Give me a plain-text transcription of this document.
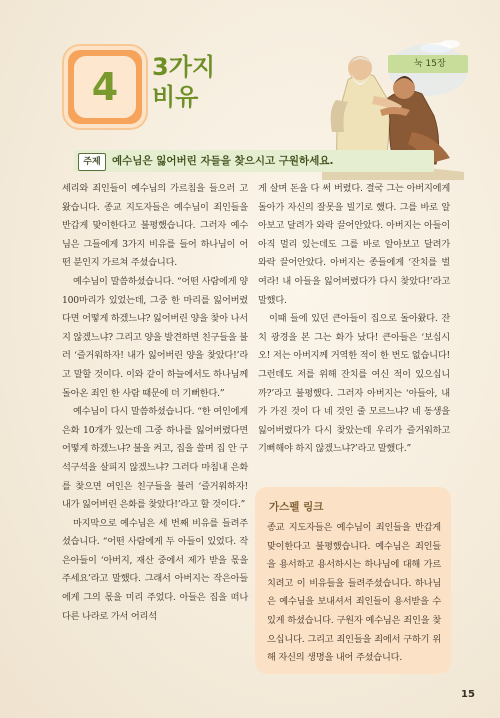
4 3가지
비유
눅 15장
주제	예수님은 잃어버린 자들을 찾으시고 구원하세요.

세리와 죄인들이 예수님의 가르침을 들으러 고 왔습니다. 종교 지도자들은 예수님이 죄인들을 반갑게 맞이한다고 불평했습니다. 그러자 예수님은 그들에게 3가지 비유를 들어 하나님이 어떤 분인지 가르쳐 주셨습니다.

예수님이 말씀하셨습니다. “어떤 사람에게 양 100마리가 있었는데, 그중 한 마리를 잃어버렸다면 어떻게 하겠느냐? 잃어버린 양을 찾아 나서지 않겠느냐? 그리고 양을 발견하면 친구들을 불러 ‘즐거워하자! 내가 잃어버린 양을 찾았다!’라고 말할 것이다. 이와 같이 하늘에서도 하나님께 돌아온 죄인 한 사람 때문에 더 기뻐한다.”

예수님이 다시 말씀하셨습니다. “한 여인에게 은화 10개가 있는데 그중 하나를 잃어버렸다면 어떻게 하겠느냐? 불을 켜고, 집을 쓸며 집 안 구석구석을 살피지 않겠느냐? 그러다 마침내 은화를 찾으면 여인은 친구들을 불러 ‘즐거워하자! 내가 잃어버린 은화를 찾았다!’라고 할 것이다.”

마지막으로 예수님은 세 번째 비유를 들려주셨습니다. “어떤 사람에게 두 아들이 있었다. 작은아들이 ‘아버지, 재산 중에서 제가 받을 몫을 주세요’라고 말했다. 그래서 아버지는 작은아들에게 그의 몫을 미리 주었다. 아들은 집을 떠나 다른 나라로 가서 어리석

게 살며 돈을 다 써 버렸다. 결국 그는 아버지에게 돌아가 자신의 잘못을 빌기로 했다. 그를 바로 알아보고 달려가 와락 끌어안았다. 아버지는 아들이 아직 멀리 있는데도 그를 바로 알아보고 달려가 와락 끌어안았다. 아버지는 종들에게 ‘잔치를 벌여라! 내 아들을 잃어버렸다가 다시 찾았다!’라고 말했다.

이때 들에 있던 큰아들이 집으로 돌아왔다. 잔치 광경을 본 그는 화가 났다! 큰아들은 ‘보십시오! 저는 아버지께 거역한 적이 한 번도 없습니다! 그런데도 저를 위해 잔치를 여신 적이 있으십니까?’라고 불평했다. 그러자 아버지는 ‘아들아, 내가 가진 것이 다 네 것인 줄 모르느냐? 네 동생을 잃어버렸다가 다시 찾았는데 우리가 즐거워하고 기뻐해야 하지 않겠느냐?’라고 말했다.”

가스펠 링크

종교 지도자들은 예수님이 죄인들을 반갑게 맞이한다고 불평했습니다. 예수님은 죄인들을 용서하고 용서하시는 하나님에 대해 가르치려고 이 비유들을 들려주셨습니다. 하나님은 예수님을 보내셔서 죄인들이 용서받을 수 있게 하셨습니다. 구원자 예수님은 죄인을 찾으십니다. 그리고 죄인들을 죄에서 구하기 위해 자신의 생명을 내어 주셨습니다.

15
